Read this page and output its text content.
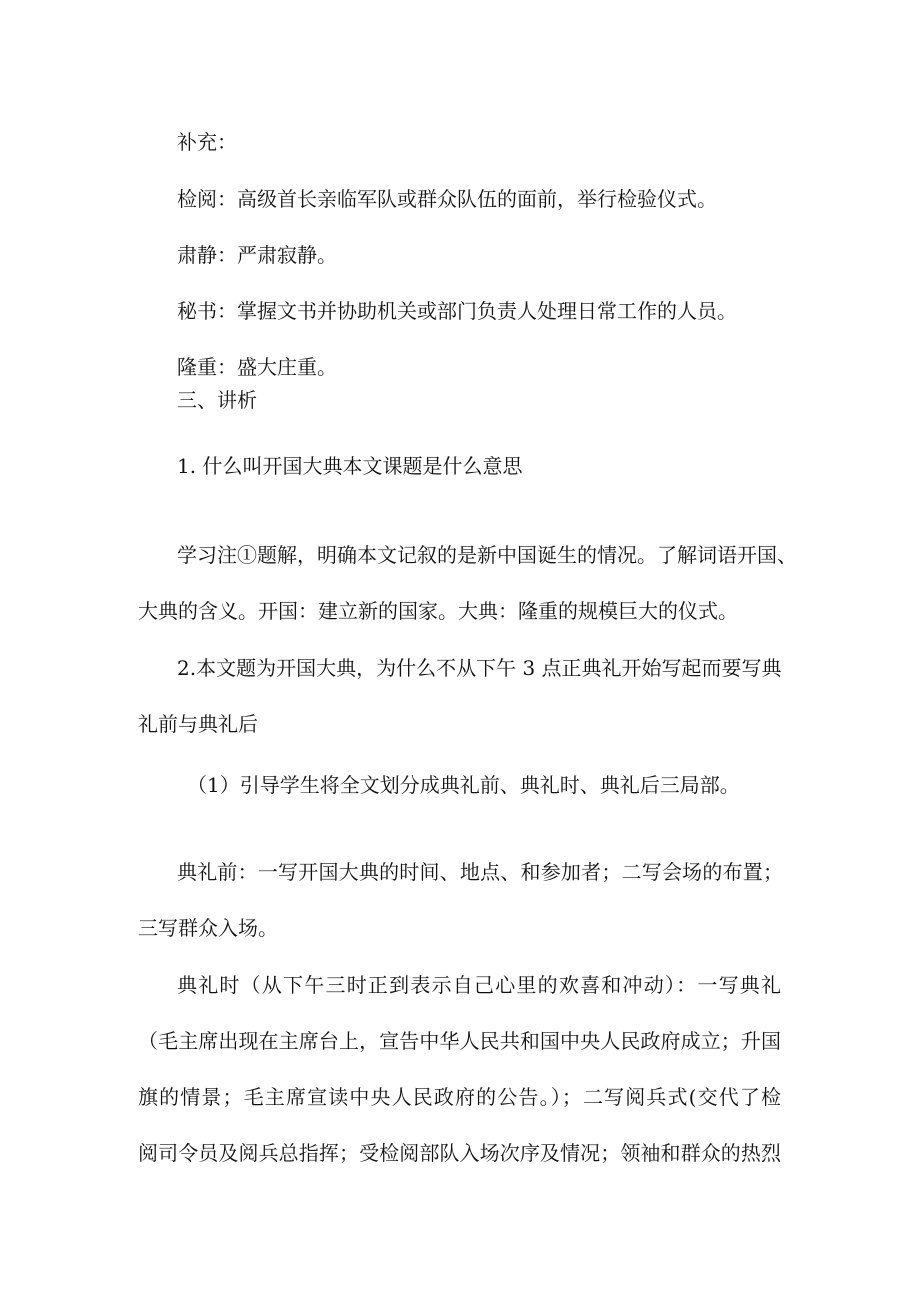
补充：

检阅：高级首长亲临军队或群众队伍的面前，举行检验仪式。

肃静：严肃寂静。

秘书：掌握文书并协助机关或部门负责人处理日常工作的人员。

隆重：盛大庄重。

三、讲析

1. 什么叫开国大典本文课题是什么意思

学习注①题解，明确本文记叙的是新中国诞生的情况。了解词语开国、

大典的含义。开国：建立新的国家。大典：隆重的规模巨大的仪式。

2.本文题为开国大典，为什么不从下午 3 点正典礼开始写起而要写典

礼前与典礼后

（1）引导学生将全文划分成典礼前、典礼时、典礼后三局部。

典礼前：一写开国大典的时间、地点、和参加者；二写会场的布置；

三写群众入场。

典礼时（从下午三时正到表示自己心里的欢喜和冲动）：一写典礼

（毛主席出现在主席台上，宣告中华人民共和国中央人民政府成立；升国

旗的情景；毛主席宣读中央人民政府的公告。）；二写阅兵式(交代了检

阅司令员及阅兵总指挥；受检阅部队入场次序及情况；领袖和群众的热烈
